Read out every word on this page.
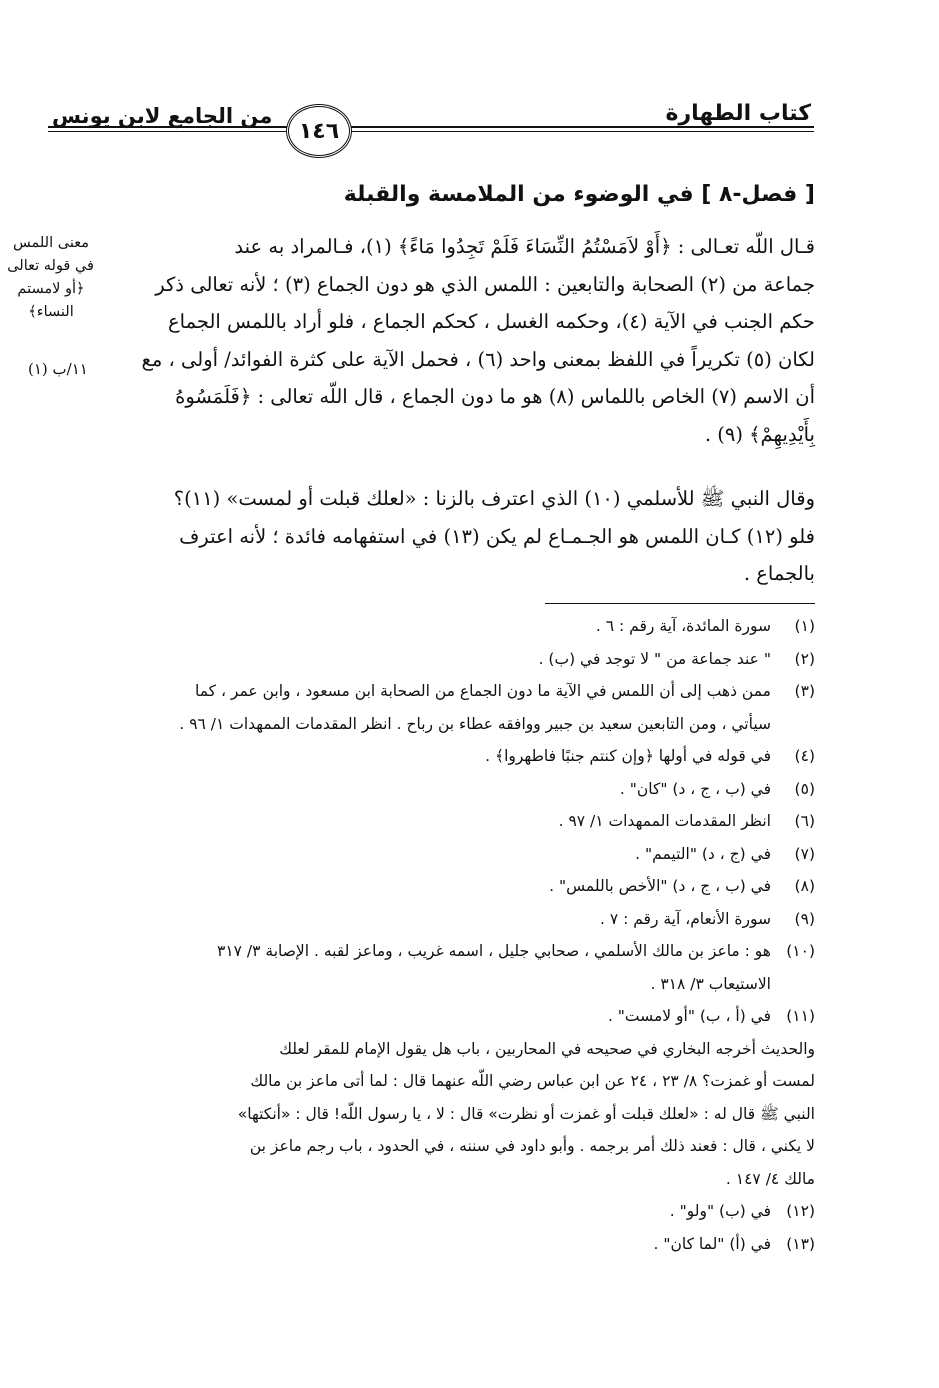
كتاب الطهارة
من الجامع لابن يونس
١٤٦
[ فصل-٨ ] في الوضوء من الملامسة والقبلة
معنى اللمس
في قوله تعالى
﴿أو لامستم
النساء﴾
١١/ب (١)
قـال اللّه تعـالى : ﴿أَوْ لاَمَسْتُمُ النِّسَاءَ فَلَمْ تَجِدُوا مَاءً﴾ (١)، فـالمراد به عند
جماعة من (٢) الصحابة والتابعين : اللمس الذي هو دون الجماع (٣) ؛ لأنه تعالى ذكر
حكم الجنب في الآية (٤)، وحكمه الغسل ، كحكم الجماع ، فلو أراد باللمس الجماع
لكان (٥) تكريراً في اللفظ بمعنى واحد (٦) ، فحمل الآية على كثرة الفوائد/ أولى ، مع
أن الاسم (٧) الخاص باللماس (٨) هو ما دون الجماع ، قال اللّه تعالى : ﴿فَلَمَسُوهُ
بِأَيْدِيهِمْ﴾ (٩) .
وقال النبي ﷺ للأسلمي (١٠) الذي اعترف بالزنا : «لعلك قبلت أو لمست» (١١)؟
فلو (١٢) كـان اللمس هو الجـمـاع لم يكن (١٣) في استفهامه فائدة ؛ لأنه اعترف
بالجماع .
(١)
سورة المائدة، آية رقم : ٦ .
(٢)
" عند جماعة من " لا توجد في (ب) .
(٣)
ممن ذهب إلى أن اللمس في الآية ما دون الجماع من الصحابة ابن مسعود ، وابن عمر ، كما
سيأتي ، ومن التابعين سعيد بن جبير ووافقه عطاء بن رباح . انظر المقدمات الممهدات ١/ ٩٦ .
(٤)
في قوله في أولها ﴿وإن كنتم جنبًا فاطهروا﴾ .
(٥)
في (ب ، ج ، د) "كان" .
(٦)
انظر المقدمات الممهدات ١/ ٩٧ .
(٧)
في (ج ، د) "التيمم" .
(٨)
في (ب ، ج ، د) "الأخص باللمس" .
(٩)
سورة الأنعام، آية رقم : ٧ .
(١٠)
هو : ماعز بن مالك الأسلمي ، صحابي جليل ، اسمه غريب ، وماعز لقبه . الإصابة ٣/ ٣١٧
الاستيعاب ٣/ ٣١٨ .
(١١)
في (أ ، ب) "أو لامست" .
والحديث أخرجه البخاري في صحيحه في المحاربين ، باب هل يقول الإمام للمقر لعلك
لمست أو غمزت؟ ٨/ ٢٣ ، ٢٤ عن ابن عباس رضي اللّه عنهما قال : لما أتى ماعز بن مالك
النبي ﷺ قال له : «لعلك قبلت أو غمزت أو نظرت» قال : لا ، يا رسول اللّه! قال : «أنكتها»
لا يكني ، قال : فعند ذلك أمر برجمه . وأبو داود في سننه ، في الحدود ، باب رجم ماعز بن
مالك ٤/ ١٤٧ .
(١٢)
في (ب) "ولو" .
(١٣)
في (أ) "لما كان" .
